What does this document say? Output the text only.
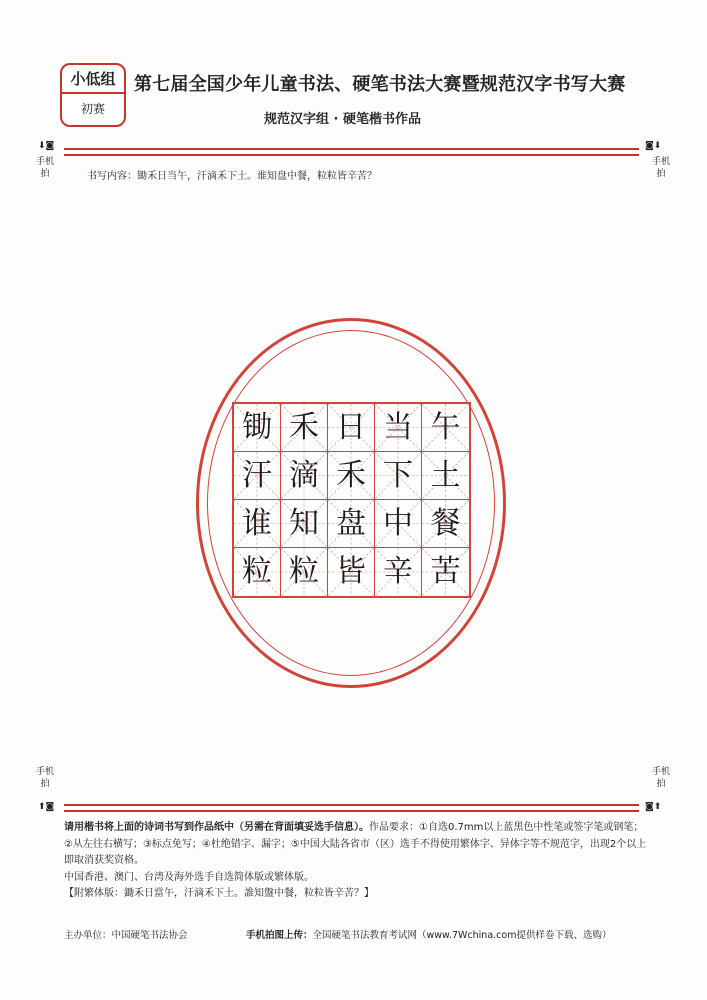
小低组
初赛
第七届全国少年儿童书法、硬笔书法大赛暨规范汉字书写大赛
规范汉字组 · 硬笔楷书作品
⬇◙
手机拍
◙⬇
手机拍
书写内容：锄禾日当午，汗滴禾下土。谁知盘中餐，粒粒皆辛苦？
锄 禾 日 当 午
汗 滴 禾 下 土
谁 知 盘 中 餐
粒 粒 皆 辛 苦
手机拍
⬆◙
手机拍
◙⬆

请用楷书将上面的诗词书写到作品纸中（另需在背面填妥选手信息）。作品要求：①自选0.7mm以上蓝黑色中性笔或签字笔或钢笔；②从左往右横写；③标点免写；④杜绝错字、漏字；⑤中国大陆各省市（区）选手不得使用繁体字、异体字等不规范字，出现2个以上即取消获奖资格。

中国香港、澳门、台湾及海外选手自选简体版或繁体版。

【附繁体版：鋤禾日當午，汗滴禾下土。誰知盤中餐，粒粒皆辛苦？】

主办单位：中国硬笔书法协会	手机拍图上传：全国硬笔书法教育考试网（www.7Wchina.com提供样卷下载、选购）
